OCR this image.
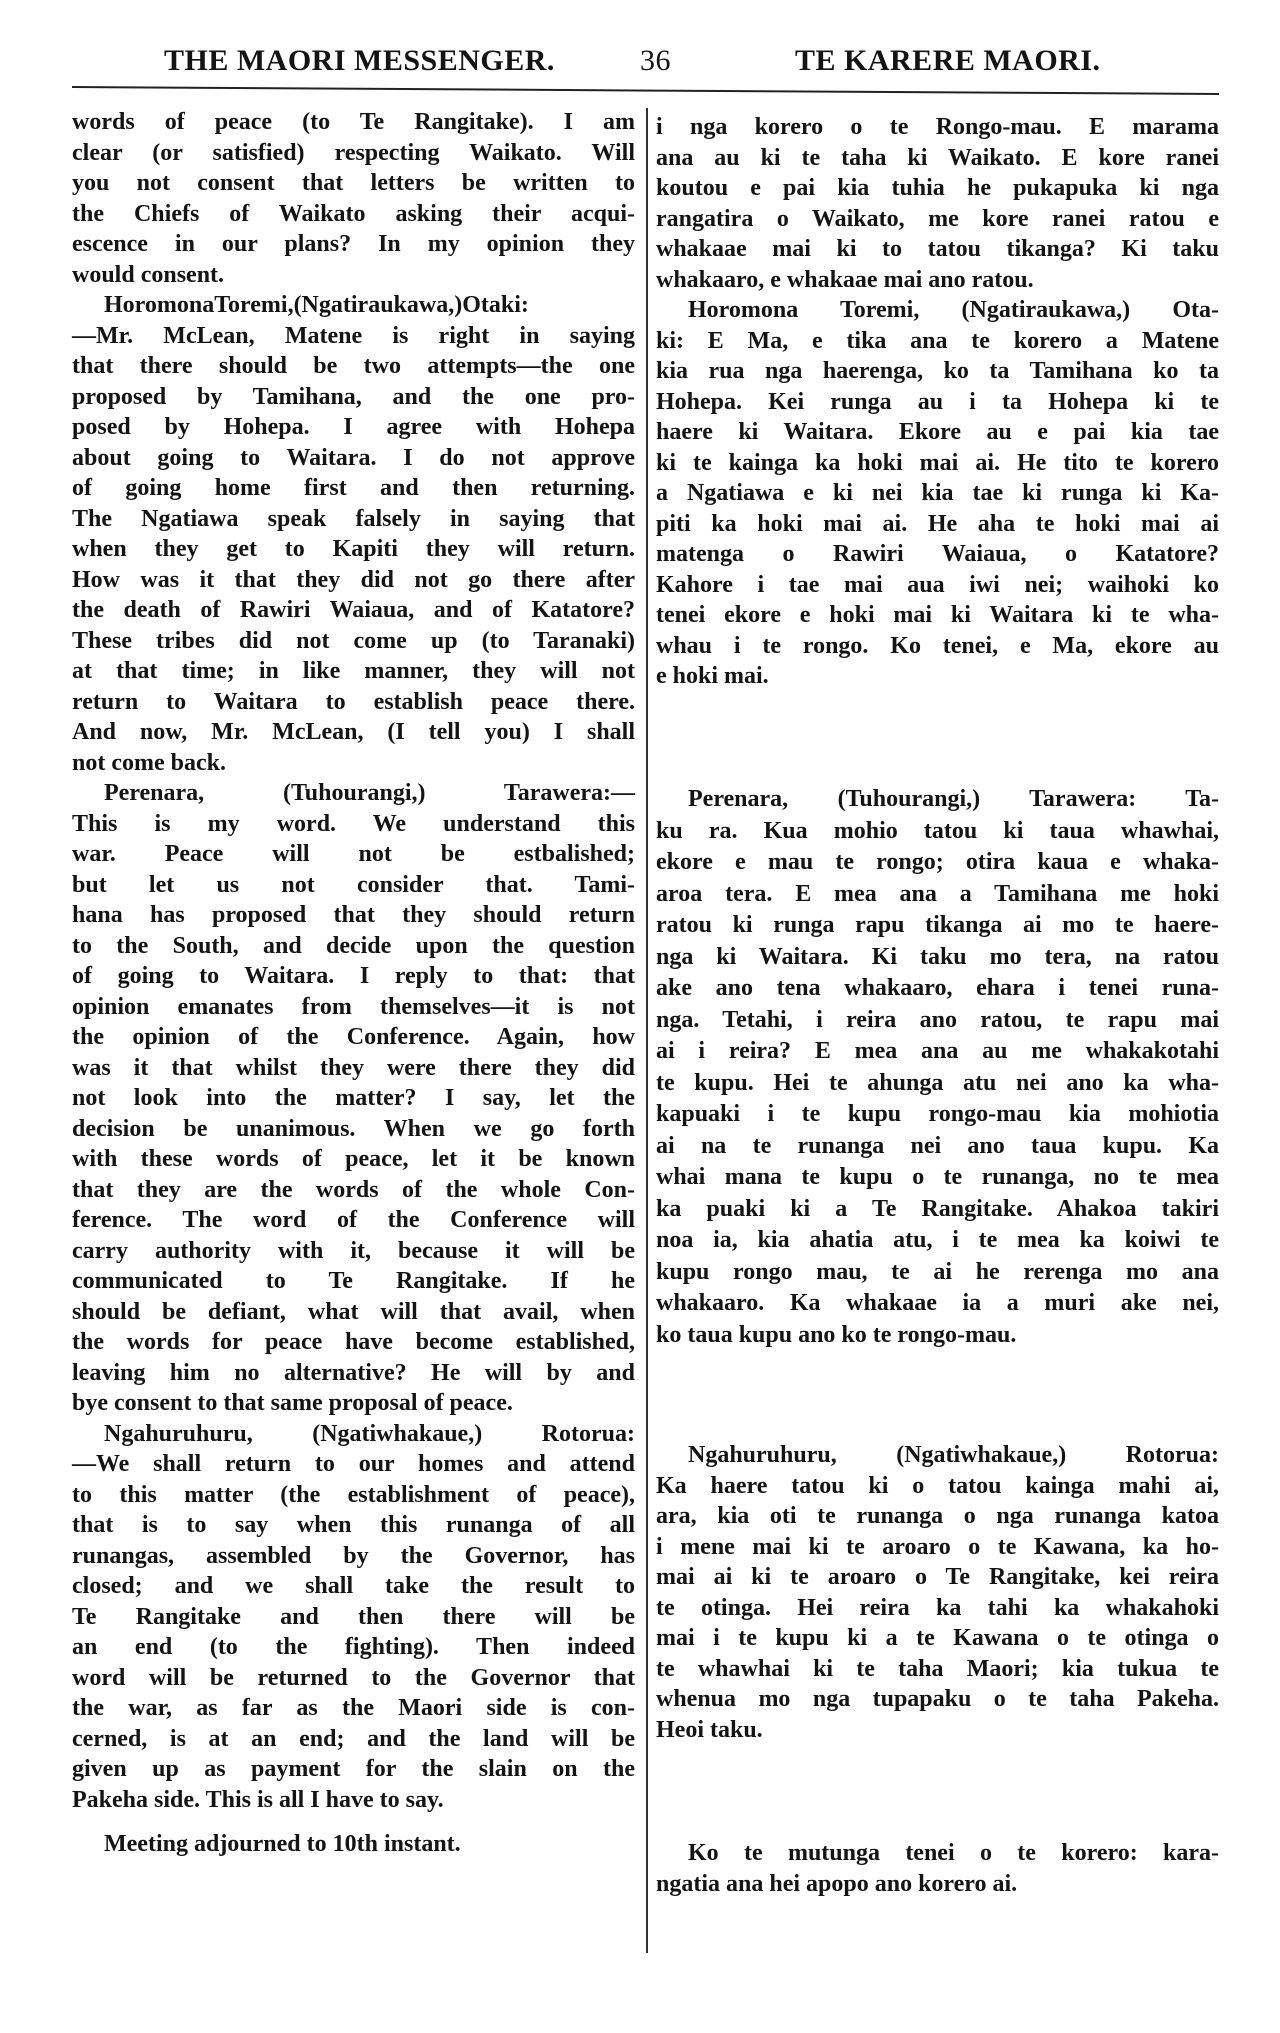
THE MAORI MESSENGER.	36	TE KARERE MAORI.
words of peace (to Te Rangitake). I am
clear (or satisfied) respecting Waikato. Will
you not consent that letters be written to
the Chiefs of Waikato asking their acqui-
escence in our plans? In my opinion they
would consent.
HoromonaToremi,(Ngatiraukawa,)Otaki:
—Mr. McLean, Matene is right in saying
that there should be two attempts—the one
proposed by Tamihana, and the one pro-
posed by Hohepa. I agree with Hohepa
about going to Waitara. I do not approve
of going home first and then returning.
The Ngatiawa speak falsely in saying that
when they get to Kapiti they will return.
How was it that they did not go there after
the death of Rawiri Waiaua, and of Katatore?
These tribes did not come up (to Taranaki)
at that time; in like manner, they will not
return to Waitara to establish peace there.
And now, Mr. McLean, (I tell you) I shall
not come back.
Perenara, (Tuhourangi,) Tarawera:—
This is my word. We understand this
war. Peace will not be estbalished;
but let us not consider that. Tami-
hana has proposed that they should return
to the South, and decide upon the question
of going to Waitara. I reply to that: that
opinion emanates from themselves—it is not
the opinion of the Conference. Again, how
was it that whilst they were there they did
not look into the matter? I say, let the
decision be unanimous. When we go forth
with these words of peace, let it be known
that they are the words of the whole Con-
ference. The word of the Conference will
carry authority with it, because it will be
communicated to Te Rangitake. If he
should be defiant, what will that avail, when
the words for peace have become established,
leaving him no alternative? He will by and
bye consent to that same proposal of peace.
Ngahuruhuru, (Ngatiwhakaue,) Rotorua:
—We shall return to our homes and attend
to this matter (the establishment of peace),
that is to say when this runanga of all
runangas, assembled by the Governor, has
closed; and we shall take the result to
Te Rangitake and then there will be
an end (to the fighting). Then indeed
word will be returned to the Governor that
the war, as far as the Maori side is con-
cerned, is at an end; and the land will be
given up as payment for the slain on the
Pakeha side. This is all I have to say.
Meeting adjourned to 10th instant.
i nga korero o te Rongo-mau. E marama
ana au ki te taha ki Waikato. E kore ranei
koutou e pai kia tuhia he pukapuka ki nga
rangatira o Waikato, me kore ranei ratou e
whakaae mai ki to tatou tikanga? Ki taku
whakaaro, e whakaae mai ano ratou.
Horomona Toremi, (Ngatiraukawa,) Ota-
ki: E Ma, e tika ana te korero a Matene
kia rua nga haerenga, ko ta Tamihana ko ta
Hohepa. Kei runga au i ta Hohepa ki te
haere ki Waitara. Ekore au e pai kia tae
ki te kainga ka hoki mai ai. He tito te korero
a Ngatiawa e ki nei kia tae ki runga ki Ka-
piti ka hoki mai ai. He aha te hoki mai ai
matenga o Rawiri Waiaua, o Katatore?
Kahore i tae mai aua iwi nei; waihoki ko
tenei ekore e hoki mai ki Waitara ki te wha-
whau i te rongo. Ko tenei, e Ma, ekore au
e hoki mai.
Perenara, (Tuhourangi,) Tarawera: Ta-
ku ra. Kua mohio tatou ki taua whawhai,
ekore e mau te rongo; otira kaua e whaka-
aroa tera. E mea ana a Tamihana me hoki
ratou ki runga rapu tikanga ai mo te haere-
nga ki Waitara. Ki taku mo tera, na ratou
ake ano tena whakaaro, ehara i tenei runa-
nga. Tetahi, i reira ano ratou, te rapu mai
ai i reira? E mea ana au me whakakotahi
te kupu. Hei te ahunga atu nei ano ka wha-
kapuaki i te kupu rongo-mau kia mohiotia
ai na te runanga nei ano taua kupu. Ka
whai mana te kupu o te runanga, no te mea
ka puaki ki a Te Rangitake. Ahakoa takiri
noa ia, kia ahatia atu, i te mea ka koiwi te
kupu rongo mau, te ai he rerenga mo ana
whakaaro. Ka whakaae ia a muri ake nei,
ko taua kupu ano ko te rongo-mau.
Ngahuruhuru, (Ngatiwhakaue,) Rotorua:
Ka haere tatou ki o tatou kainga mahi ai,
ara, kia oti te runanga o nga runanga katoa
i mene mai ki te aroaro o te Kawana, ka ho-
mai ai ki te aroaro o Te Rangitake, kei reira
te otinga. Hei reira ka tahi ka whakahoki
mai i te kupu ki a te Kawana o te otinga o
te whawhai ki te taha Maori; kia tukua te
whenua mo nga tupapaku o te taha Pakeha.
Heoi taku.
Ko te mutunga tenei o te korero: kara-
ngatia ana hei apopo ano korero ai.
